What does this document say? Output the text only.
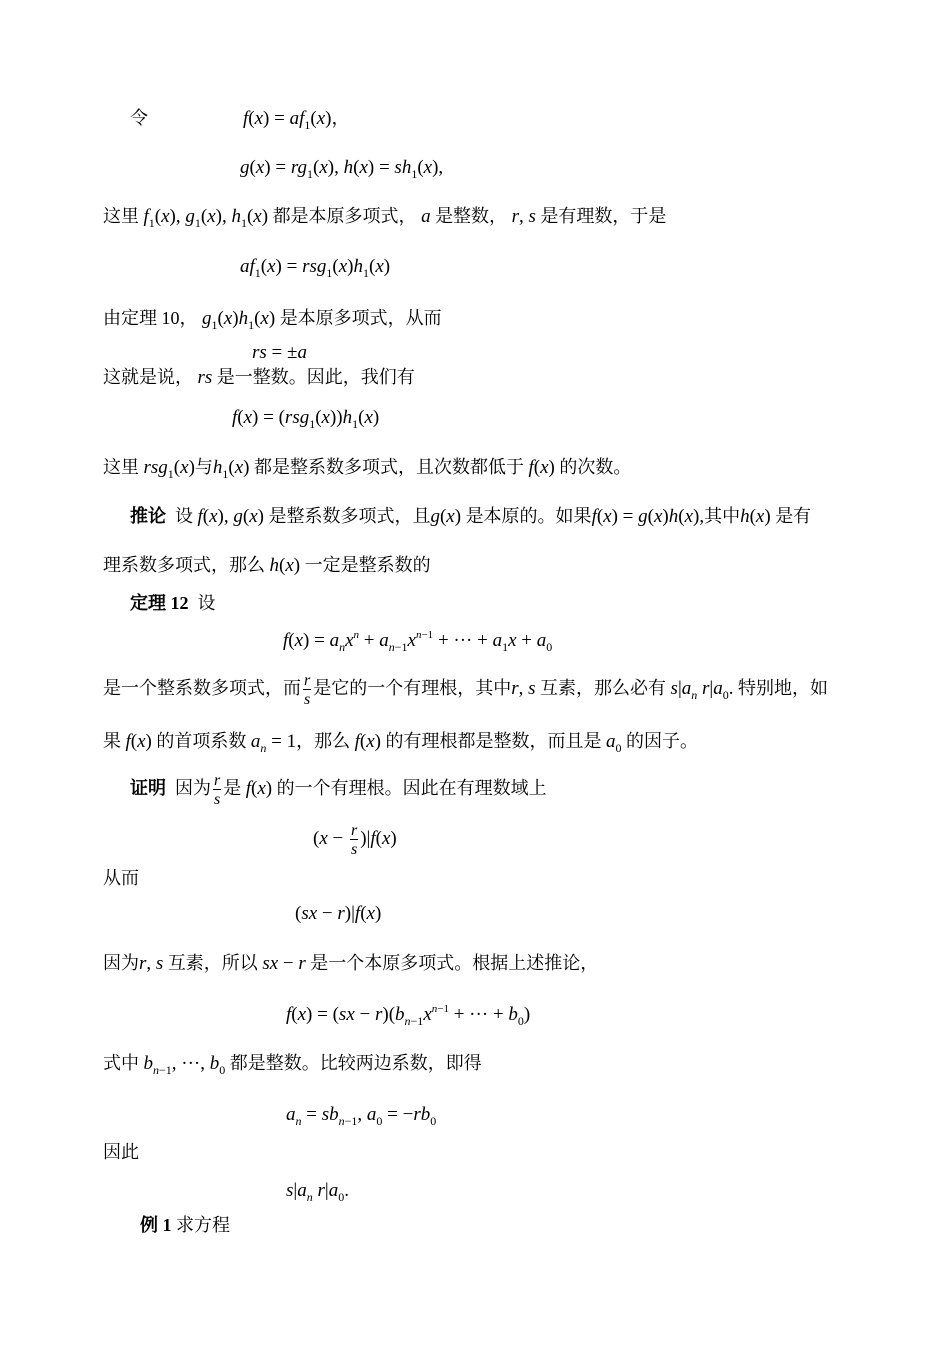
令	$f(x) = af_1(x)$，
$g(x) = rg_1(x)$, $h(x) = sh_1(x)$,
这里 $f_1(x)$, $g_1(x)$, $h_1(x)$ 都是本原多项式， a 是整数， r, s 是有理数，于是
$af_1(x) = rsg_1(x)h_1(x)$
由定理 10， $g_1(x)h_1(x)$ 是本原多项式，从而
rs = ±a
这就是说， rs 是一整数。因此，我们有
$f(x) = (rsg_1(x))h_1(x)$
这里 rsg$_1$(x)与$h_1(x)$ 都是整系数多项式，且次数都低于 f(x) 的次数。
推论  设 f(x), g(x) 是整系数多项式，且g(x) 是本原的。如果f(x) = g(x)h(x),其中h(x) 是有
理系数多项式，那么 h(x) 一定是整系数的
定理 12  设
$f(x) = a_nx^n + a_{n-1}x^{n-1}$ + ··· + $a_1x + a_0$
是一个整系数多项式，而 $\frac{r}{s}$ 是它的一个有理根，其中r, s 互素，那么必有 $s|a_n$ $r|a_0$. 特别地，如
果 f(x) 的首项系数 $a_n = 1$，那么 f(x) 的有理根都是整数，而且是 $a_0$ 的因子。
证明  因为 $\frac{r}{s}$ 是 f(x) 的一个有理根。因此在有理数域上
$(x - \frac{r}{s} )|f(x)$
从而
(sx − r)|f(x)
因为r, s 互素，所以 sx − r 是一个本原多项式。根据上述推论，
$f(x) = (sx - r)(b_{n-1}x^{n-1}$ + ··· + $b_0$)
式中 $b_{n-1}$, ···, $b_0$ 都是整数。比较两边系数，即得
$a_n = sb_{n-1}$, $a_0 = -rb_0$
因此
$s|a_n$ $r|a_0$.
例 1 求方程
